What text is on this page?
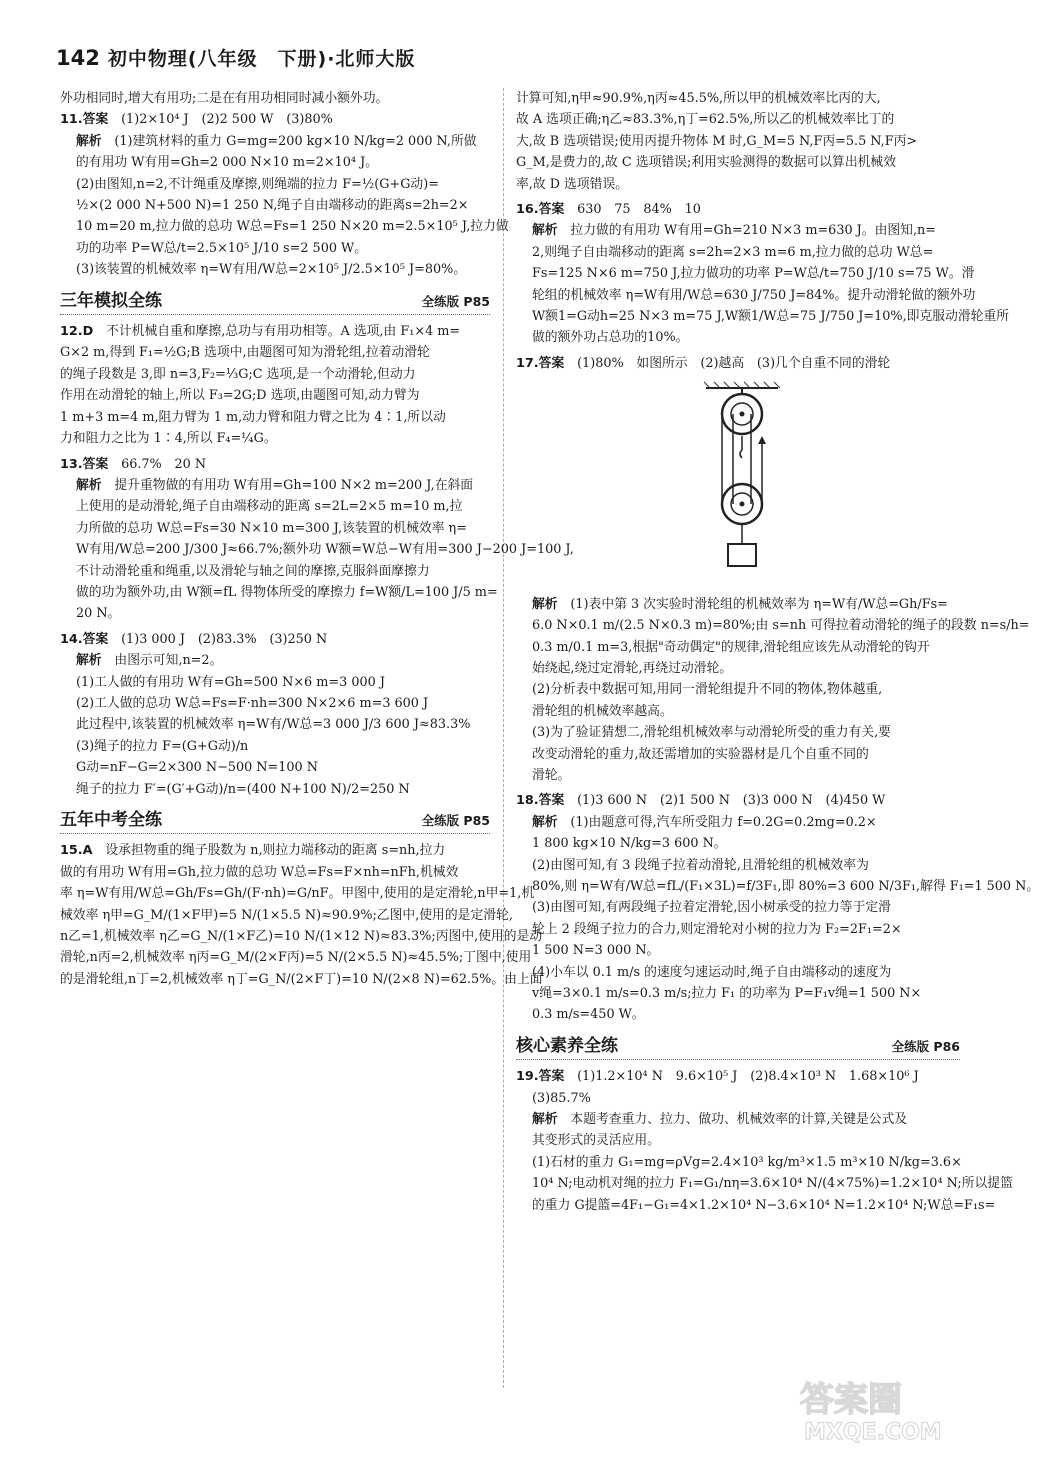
142 初中物理(八年级　下册)·北师大版
外功相同时,增大有用功;二是在有用功相同时减小额外功。
11.答案　 (1)2×10⁴ J　(2)2 500 W　(3)80%
解析　 (1)建筑材料的重力 G=mg=200 kg×10 N/kg=2 000 N,所做
的有用功 W有用=Gh=2 000 N×10 m=2×10⁴ J。
(2)由图知,n=2,不计绳重及摩擦,则绳端的拉力 F=½(G+G动)=
½×(2 000 N+500 N)=1 250 N,绳子自由端移动的距离s=2h=2×
10 m=20 m,拉力做的总功 W总=Fs=1 250 N×20 m=2.5×10⁵ J,拉力做
功的功率 P=W总/t=2.5×10⁵ J/10 s=2 500 W。
(3)该装置的机械效率 η=W有用/W总=2×10⁵ J/2.5×10⁵ J=80%。
三年模拟全练	全练版 P85
12.D　 不计机械自重和摩擦,总功与有用功相等。A 选项,由 F₁×4 m=
G×2 m,得到 F₁=½G;B 选项中,由题图可知为滑轮组,拉着动滑轮
的绳子段数是 3,即 n=3,F₂=⅓G;C 选项,是一个动滑轮,但动力
作用在动滑轮的轴上,所以 F₃=2G;D 选项,由题图可知,动力臂为
1 m+3 m=4 m,阻力臂为 1 m,动力臂和阻力臂之比为 4∶1,所以动
力和阻力之比为 1∶4,所以 F₄=¼G。
13.答案　 66.7%　20 N
解析　 提升重物做的有用功 W有用=Gh=100 N×2 m=200 J,在斜面
上使用的是动滑轮,绳子自由端移动的距离 s=2L=2×5 m=10 m,拉
力所做的总功 W总=Fs=30 N×10 m=300 J,该装置的机械效率 η=
W有用/W总=200 J/300 J≈66.7%;额外功 W额=W总−W有用=300 J−200 J=100 J,
不计动滑轮重和绳重,以及滑轮与轴之间的摩擦,克服斜面摩擦力
做的功为额外功,由 W额=fL 得物体所受的摩擦力 f=W额/L=100 J/5 m=
20 N。
14.答案　 (1)3 000 J　(2)83.3%　(3)250 N
解析　 由图示可知,n=2。
(1)工人做的有用功 W有=Gh=500 N×6 m=3 000 J
(2)工人做的总功 W总=Fs=F·nh=300 N×2×6 m=3 600 J
此过程中,该装置的机械效率 η=W有/W总=3 000 J/3 600 J≈83.3%
(3)绳子的拉力 F=(G+G动)/n
G动=nF−G=2×300 N−500 N=100 N
绳子的拉力 F′=(G′+G动)/n=(400 N+100 N)/2=250 N
五年中考全练	全练版 P85
15.A　 设承担物重的绳子股数为 n,则拉力端移动的距离 s=nh,拉力
做的有用功 W有用=Gh,拉力做的总功 W总=Fs=F×nh=nFh,机械效
率 η=W有用/W总=Gh/Fs=Gh/(F·nh)=G/nF。甲图中,使用的是定滑轮,n甲=1,机
械效率 η甲=G_M/(1×F甲)=5 N/(1×5.5 N)≈90.9%;乙图中,使用的是定滑轮,
n乙=1,机械效率 η乙=G_N/(1×F乙)=10 N/(1×12 N)≈83.3%;丙图中,使用的是动
滑轮,n丙=2,机械效率 η丙=G_M/(2×F丙)=5 N/(2×5.5 N)≈45.5%;丁图中,使用
的是滑轮组,n丁=2,机械效率 η丁=G_N/(2×F丁)=10 N/(2×8 N)=62.5%。由上面
计算可知,η甲≈90.9%,η丙≈45.5%,所以甲的机械效率比丙的大,
故 A 选项正确;η乙≈83.3%,η丁=62.5%,所以乙的机械效率比丁的
大,故 B 选项错误;使用丙提升物体 M 时,G_M=5 N,F丙=5.5 N,F丙>
G_M,是费力的,故 C 选项错误;利用实验测得的数据可以算出机械效
率,故 D 选项错误。
16.答案　 630　75　84%　10
解析　 拉力做的有用功 W有用=Gh=210 N×3 m=630 J。由图知,n=
2,则绳子自由端移动的距离 s=2h=2×3 m=6 m,拉力做的总功 W总=
Fs=125 N×6 m=750 J,拉力做功的功率 P=W总/t=750 J/10 s=75 W。滑
轮组的机械效率 η=W有用/W总=630 J/750 J=84%。提升动滑轮做的额外功
W额1=G动h=25 N×3 m=75 J,W额1/W总=75 J/750 J=10%,即克服动滑轮重所
做的额外功占总功的10%。
17.答案　 (1)80%　如图所示　(2)越高　(3)几个自重不同的滑轮
解析　 (1)表中第 3 次实验时滑轮组的机械效率为 η=W有/W总=Gh/Fs=
6.0 N×0.1 m/(2.5 N×0.3 m)=80%;由 s=nh 可得拉着动滑轮的绳子的段数 n=s/h=
0.3 m/0.1 m=3,根据"奇动偶定"的规律,滑轮组应该先从动滑轮的钩开
始绕起,绕过定滑轮,再绕过动滑轮。
(2)分析表中数据可知,用同一滑轮组提升不同的物体,物体越重,
滑轮组的机械效率越高。
(3)为了验证猜想二,滑轮组机械效率与动滑轮所受的重力有关,要
改变动滑轮的重力,故还需增加的实验器材是几个自重不同的
滑轮。
18.答案　 (1)3 600 N　(2)1 500 N　(3)3 000 N　(4)450 W
解析　 (1)由题意可得,汽车所受阻力 f=0.2G=0.2mg=0.2×
1 800 kg×10 N/kg=3 600 N。
(2)由图可知,有 3 段绳子拉着动滑轮,且滑轮组的机械效率为
80%,则 η=W有/W总=fL/(F₁×3L)=f/3F₁,即 80%=3 600 N/3F₁,解得 F₁=1 500 N。
(3)由图可知,有两段绳子拉着定滑轮,因小树承受的拉力等于定滑
轮上 2 段绳子拉力的合力,则定滑轮对小树的拉力为 F₂=2F₁=2×
1 500 N=3 000 N。
(4)小车以 0.1 m/s 的速度匀速运动时,绳子自由端移动的速度为
v绳=3×0.1 m/s=0.3 m/s;拉力 F₁ 的功率为 P=F₁v绳=1 500 N×
0.3 m/s=450 W。
核心素养全练	全练版 P86
19.答案　 (1)1.2×10⁴ N　9.6×10⁵ J　(2)8.4×10³ N　1.68×10⁶ J
(3)85.7%
解析　 本题考查重力、拉力、做功、机械效率的计算,关键是公式及
其变形式的灵活应用。
(1)石材的重力 G₁=mg=ρVg=2.4×10³ kg/m³×1.5 m³×10 N/kg=3.6×
10⁴ N;电动机对绳的拉力 F₁=G₁/nη=3.6×10⁴ N/(4×75%)=1.2×10⁴ N;所以提篮
的重力 G提篮=4F₁−G₁=4×1.2×10⁴ N−3.6×10⁴ N=1.2×10⁴ N;W总=F₁s=
答案圈
MXQE.COM
